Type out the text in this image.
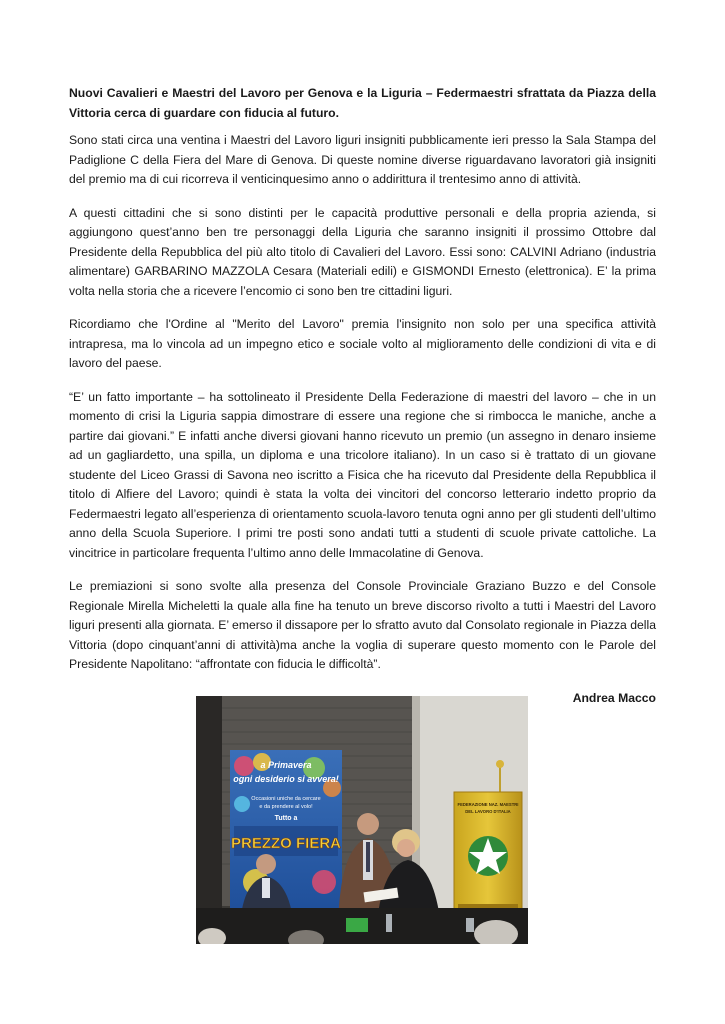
Nuovi Cavalieri e Maestri del Lavoro per Genova e la Liguria – Federmaestri sfrattata da Piazza della Vittoria cerca di guardare con fiducia al futuro.

Sono stati circa una ventina i Maestri del Lavoro liguri insigniti pubblicamente ieri presso la Sala Stampa del Padiglione C della Fiera del Mare di Genova. Di queste nomine diverse riguardavano lavoratori già insigniti del premio ma di cui ricorreva il venticinquesimo anno o addirittura il trentesimo anno di attività.

A questi cittadini che si sono distinti per le capacità produttive personali e della propria azienda, si aggiungono quest’anno ben tre personaggi della Liguria che saranno insigniti il prossimo Ottobre dal Presidente della Repubblica del più alto titolo di Cavalieri del Lavoro. Essi sono: CALVINI Adriano (industria alimentare) GARBARINO MAZZOLA Cesara (Materiali edili) e GISMONDI Ernesto (elettronica). E’ la prima volta nella storia che a ricevere l’encomio ci sono ben tre cittadini liguri.

Ricordiamo che l'Ordine al "Merito del Lavoro" premia l'insignito non solo per una specifica attività intrapresa, ma lo vincola ad un impegno etico e sociale volto al miglioramento delle condizioni di vita e di lavoro del paese.

“E’ un fatto importante – ha sottolineato il Presidente Della Federazione di maestri del lavoro – che in un momento di crisi la Liguria sappia dimostrare di essere una regione che si rimbocca le maniche, anche a partire dai giovani.” E infatti anche diversi giovani hanno ricevuto un premio (un assegno in denaro insieme ad un gagliardetto, una spilla, un diploma e una tricolore italiano). In un caso si è trattato di un giovane studente del Liceo Grassi di Savona neo iscritto a Fisica che ha ricevuto dal Presidente della Repubblica il titolo di Alfiere del Lavoro; quindi è stata la volta dei vincitori del concorso letterario indetto proprio da Federmaestri legato all’esperienza di orientamento scuola-lavoro tenuta ogni anno per gli studenti dell’ultimo anno della Scuola Superiore. I primi tre posti sono andati tutti a studenti di scuole private cattoliche. La vincitrice in particolare frequenta l’ultimo anno delle Immacolatine di Genova.

Le premiazioni si sono svolte alla presenza del Console Provinciale Graziano Buzzo e del Console Regionale Mirella Micheletti la quale alla fine ha tenuto un breve discorso rivolto a tutti i Maestri del Lavoro liguri presenti alla giornata. E’ emerso il dissapore per lo sfratto avuto dal Consolato regionale in Piazza della Vittoria (dopo cinquant’anni di attività)ma anche la voglia di superare questo momento con le Parole del Presidente Napolitano: “affrontate con fiducia le difficoltà”.

Andrea Macco

a Primavera
ogni desiderio si avvera!
Occasioni uniche da cercare
e da prendere al volo!
Tutto a
PREZZO FIERA
FEDERAZIONE NAZ. MAESTRI
DEL LAVORO D'ITALIA
